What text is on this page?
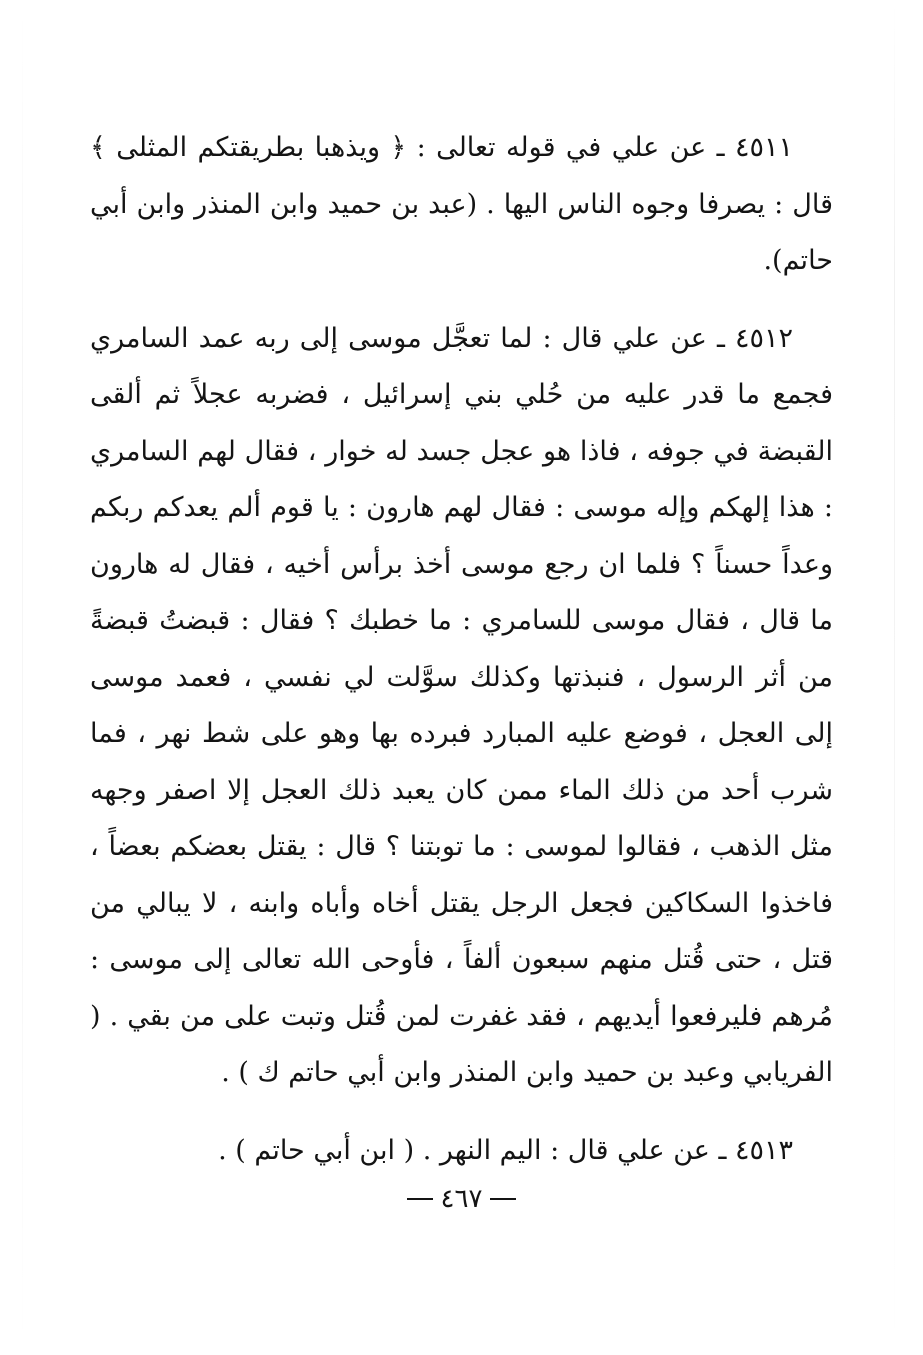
٤٥١١ ـ عن علي في قوله تعالى : ﴿ ويذهبا بطريقتكم المثلى ﴾ قال : يصرفا وجوه الناس اليها . (عبد بن حميد وابن المنذر وابن أبي حاتم).

٤٥١٢ ـ عن علي قال : لما تعجَّل موسى إلى ربه عمد السامري فجمع ما قدر عليه من حُلي بني إسرائيل ، فضربه عجلاً ثم ألقى القبضة في جوفه ، فاذا هو عجل جسد له خوار ، فقال لهم السامري : هذا إلهكم وإله موسى : فقال لهم هارون : يا قوم ألم يعدكم ربكم وعداً حسناً ؟ فلما ان رجع موسى أخذ برأس أخيه ، فقال له هارون ما قال ، فقال موسى للسامري : ما خطبك ؟ فقال : قبضتُ قبضةً من أثر الرسول ، فنبذتها وكذلك سوَّلت لي نفسي ، فعمد موسى إلى العجل ، فوضع عليه المبارد فبرده بها وهو على شط نهر ، فما شرب أحد من ذلك الماء ممن كان يعبد ذلك العجل إلا اصفر وجهه مثل الذهب ، فقالوا لموسى : ما توبتنا ؟ قال : يقتل بعضكم بعضاً ، فاخذوا السكاكين فجعل الرجل يقتل أخاه وأباه وابنه ، لا يبالي من قتل ، حتى قُتل منهم سبعون ألفاً ، فأوحى الله تعالى إلى موسى : مُرهم فليرفعوا أيديهم ، فقد غفرت لمن قُتل وتبت على من بقي . ( الفريابي وعبد بن حميد وابن المنذر وابن أبي حاتم ك ) .

٤٥١٣ ـ عن علي قال : اليم النهر . ( ابن أبي حاتم ) .

٤٦٧
